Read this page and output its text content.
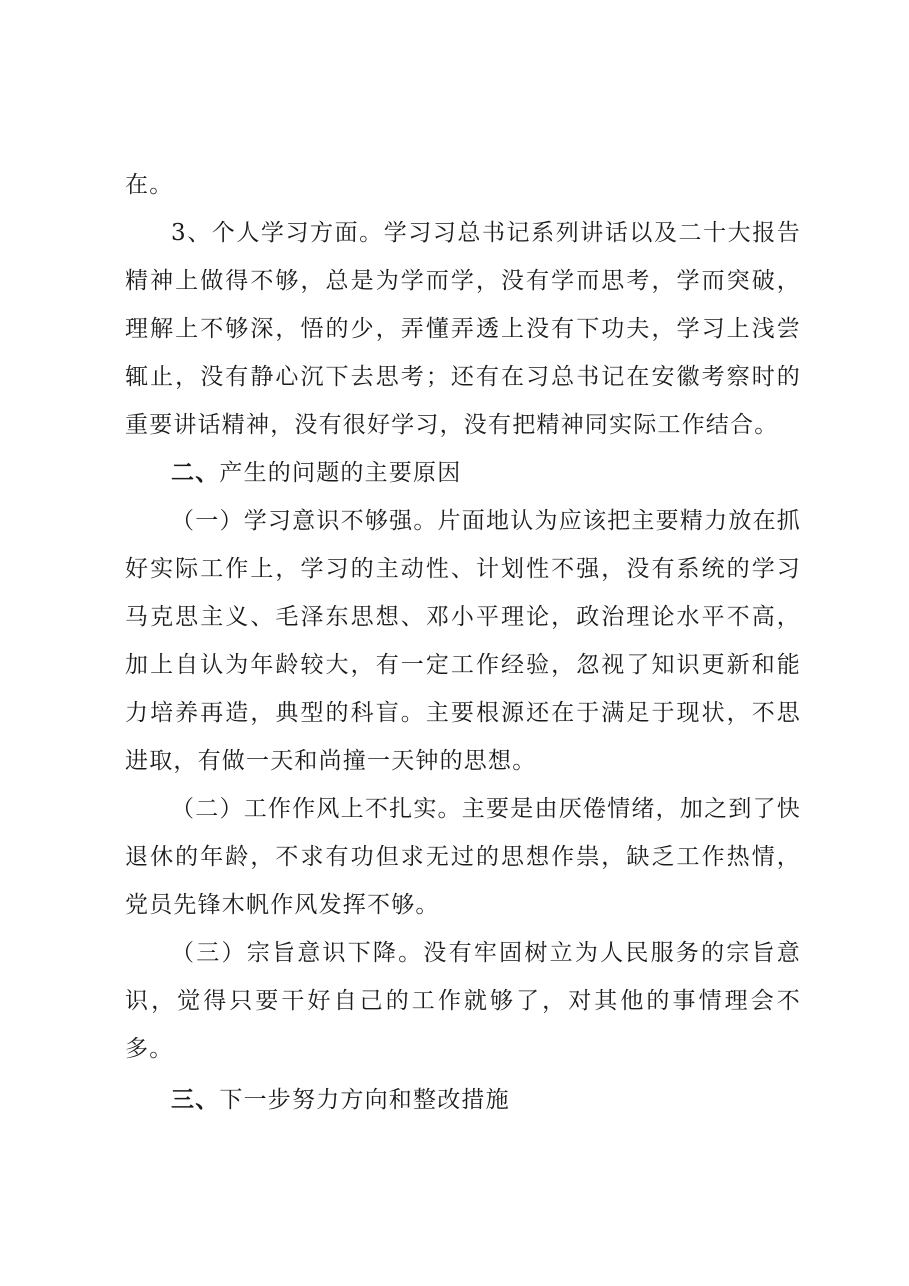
在。

3、个人学习方面。学习习总书记系列讲话以及二十大报告精神上做得不够，总是为学而学，没有学而思考，学而突破，理解上不够深，悟的少，弄懂弄透上没有下功夫，学习上浅尝辄止，没有静心沉下去思考；还有在习总书记在安徽考察时的重要讲话精神，没有很好学习，没有把精神同实际工作结合。

二、产生的问题的主要原因

（一）学习意识不够强。片面地认为应该把主要精力放在抓好实际工作上，学习的主动性、计划性不强，没有系统的学习马克思主义、毛泽东思想、邓小平理论，政治理论水平不高，加上自认为年龄较大，有一定工作经验，忽视了知识更新和能力培养再造，典型的科盲。主要根源还在于满足于现状，不思进取，有做一天和尚撞一天钟的思想。

（二）工作作风上不扎实。主要是由厌倦情绪，加之到了快退休的年龄，不求有功但求无过的思想作祟，缺乏工作热情，党员先锋木帆作风发挥不够。

（三）宗旨意识下降。没有牢固树立为人民服务的宗旨意识，觉得只要干好自己的工作就够了，对其他的事情理会不多。

三、下一步努力方向和整改措施
